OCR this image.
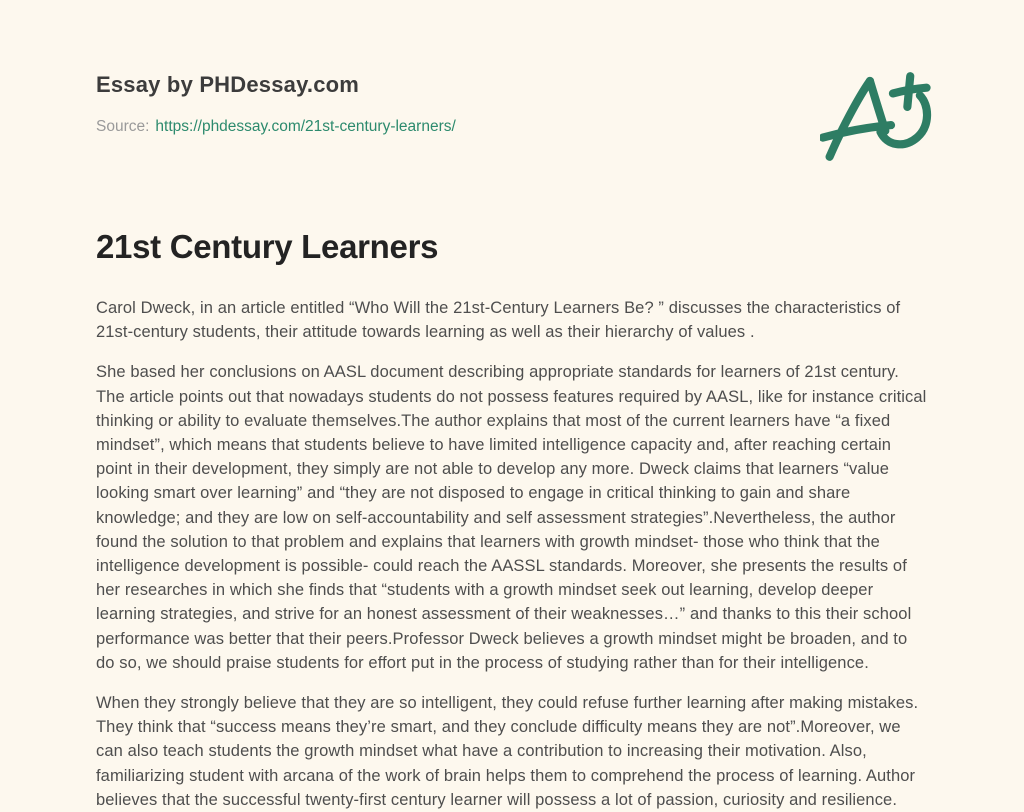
Essay by PHDessay.com
Source: https://phdessay.com/21st-century-learners/
21st Century Learners

Carol Dweck, in an article entitled “Who Will the 21st-Century Learners Be? ” discusses the characteristics of 21st-century students, their attitude towards learning as well as their hierarchy of values .

She based her conclusions on AASL document describing appropriate standards for learners of 21st century. The article points out that nowadays students do not possess features required by AASL, like for instance critical thinking or ability to evaluate themselves.The author explains that most of the current learners have “a fixed mindset”, which means that students believe to have limited intelligence capacity and, after reaching certain point in their development, they simply are not able to develop any more. Dweck claims that learners “value looking smart over learning” and “they are not disposed to engage in critical thinking to gain and share knowledge; and they are low on self-accountability and self assessment strategies”.Nevertheless, the author found the solution to that problem and explains that learners with growth mindset- those who think that the intelligence development is possible- could reach the AASSL standards. Moreover, she presents the results of her researches in which she finds that “students with a growth mindset seek out learning, develop deeper learning strategies, and strive for an honest assessment of their weaknesses…” and thanks to this their school performance was better that their peers.Professor Dweck believes a growth mindset might be broaden, and to do so, we should praise students for effort put in the process of studying rather than for their intelligence.

When they strongly believe that they are so intelligent, they could refuse further learning after making mistakes. They think that “success means they’re smart, and they conclude difficulty means they are not”.Moreover, we can also teach students the growth mindset what have a contribution to increasing their motivation. Also, familiarizing student with arcana of the work of brain helps them to comprehend the process of learning. Author believes that the successful twenty-first century learner will possess a lot of passion, curiosity and resilience.
